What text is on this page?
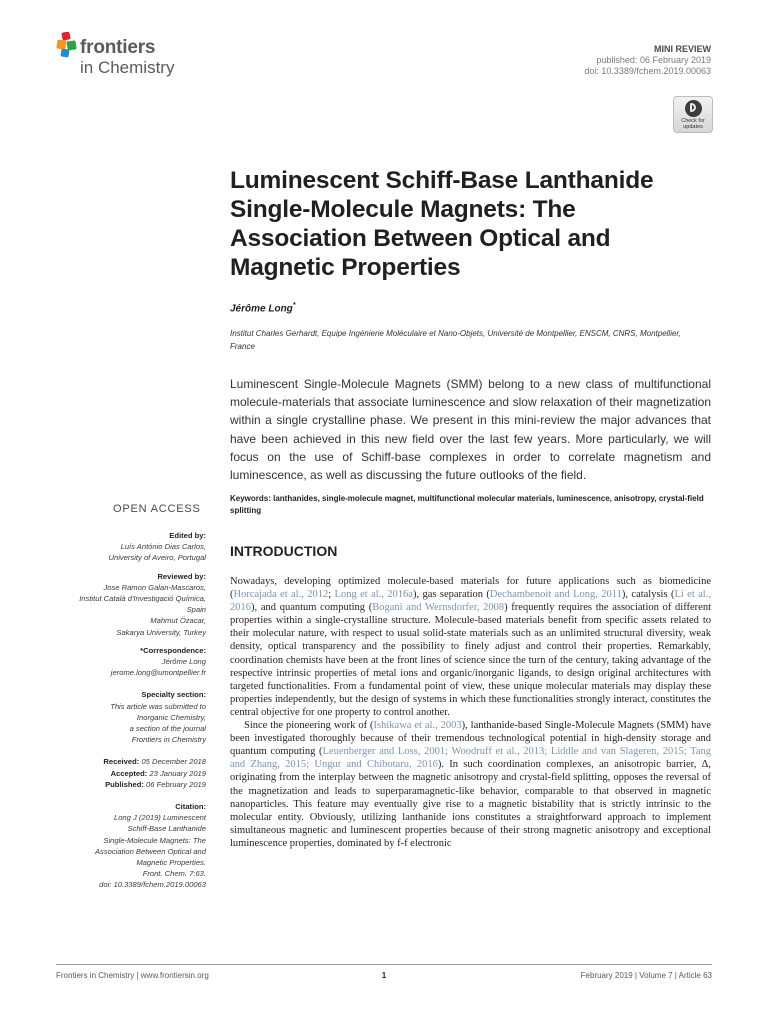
frontiers
in Chemistry
MINI REVIEW
published: 06 February 2019
doi: 10.3389/fchem.2019.00063
Check for updates
Luminescent Schiff-Base Lanthanide Single-Molecule Magnets: The Association Between Optical and Magnetic Properties
Jérôme Long*
Institut Charles Gerhardt, Equipe Ingénierie Moléculaire et Nano-Objets, Université de Montpellier, ENSCM, CNRS, Montpellier, France
Luminescent Single-Molecule Magnets (SMM) belong to a new class of multifunctional molecule-materials that associate luminescence and slow relaxation of their magnetization within a single crystalline phase. We present in this mini-review the major advances that have been achieved in this new field over the last few years. More particularly, we will focus on the use of Schiff-base complexes in order to correlate magnetism and luminescence, as well as discussing the future outlooks of the field.
Keywords: lanthanides, single-molecule magnet, multifunctional molecular materials, luminescence, anisotropy, crystal-field splitting
OPEN ACCESS
Edited by:
Luís António Dias Carlos,
University of Aveiro, Portugal
Reviewed by:
Jose Ramon Galan-Mascaros,
Institut Català d'Investigació Química,
Spain
Mahmut Özacar,
Sakarya University, Turkey
*Correspondence:
Jérôme Long
jerome.long@umontpellier.fr
Specialty section:
This article was submitted to
Inorganic Chemistry,
a section of the journal
Frontiers in Chemistry
Received: 05 December 2018
Accepted: 23 January 2019
Published: 06 February 2019
Citation:
Long J (2019) Luminescent
Schiff-Base Lanthanide
Single-Molecule Magnets: The
Association Between Optical and
Magnetic Properties.
Front. Chem. 7:63.
doi: 10.3389/fchem.2019.00063
INTRODUCTION

Nowadays, developing optimized molecule-based materials for future applications such as biomedicine (Horcajada et al., 2012; Long et al., 2016a), gas separation (Dechambenoit and Long, 2011), catalysis (Li et al., 2016), and quantum computing (Bogani and Wernsdorfer, 2008) frequently requires the association of different properties within a single-crystalline structure. Molecule-based materials benefit from specific assets related to their molecular nature, with respect to usual solid-state materials such as an unlimited structural diversity, weak density, optical transparency and the possibility to finely adjust and control their properties. Remarkably, coordination chemists have been at the front lines of science since the turn of the century, taking advantage of the respective intrinsic properties of metal ions and organic/inorganic ligands, to design original architectures with targeted functionalities. From a fundamental point of view, these unique molecular materials may display these properties independently, but the design of systems in which these functionalities strongly interact, constitutes the central objective for one property to control another.

Since the pioneering work of (Ishikawa et al., 2003), lanthanide-based Single-Molecule Magnets (SMM) have been investigated thoroughly because of their tremendous technological potential in high-density storage and quantum computing (Leuenberger and Loss, 2001; Woodruff et al., 2013; Liddle and van Slageren, 2015; Tang and Zhang, 2015; Ungur and Chibotaru, 2016). In such coordination complexes, an anisotropic barrier, Δ, originating from the interplay between the magnetic anisotropy and crystal-field splitting, opposes the reversal of the magnetization and leads to superparamagnetic-like behavior, comparable to that observed in magnetic nanoparticles. This feature may eventually give rise to a magnetic bistability that is strictly intrinsic to the molecular entity. Obviously, utilizing lanthanide ions constitutes a straightforward approach to implement simultaneous magnetic and luminescent properties because of their strong magnetic anisotropy and exceptional luminescence properties, dominated by f-f electronic

Frontiers in Chemistry | www.frontiersin.org	1	February 2019 | Volume 7 | Article 63
